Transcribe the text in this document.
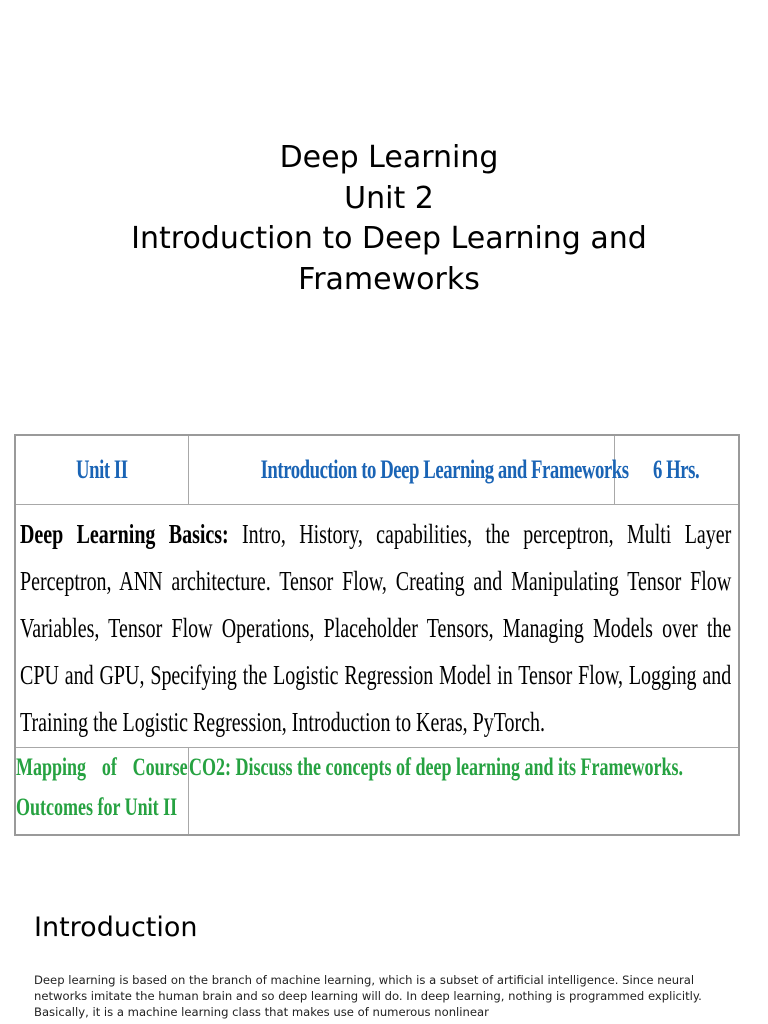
Deep Learning
Unit 2
Introduction to Deep Learning and
Frameworks
Unit II	Introduction to Deep Learning and Frameworks	6 Hrs.

Deep Learning Basics: Intro, History, capabilities, the perceptron, Multi Layer Perceptron, ANN architecture. Tensor Flow, Creating and Manipulating Tensor Flow Variables, Tensor Flow Operations, Placeholder Tensors, Managing Models over the CPU and GPU, Specifying the Logistic Regression Model in Tensor Flow, Logging and Training the Logistic Regression, Introduction to Keras, PyTorch.		

Mapping of Course
Outcomes for Unit II	CO2: Discuss the concepts of deep learning and its Frameworks.	
Introduction
Deep learning is based on the branch of machine learning, which is a subset of artificial intelligence. Since neural networks imitate the human brain and so deep learning will do. In deep learning, nothing is programmed explicitly. Basically, it is a machine learning class that makes use of numerous nonlinear
